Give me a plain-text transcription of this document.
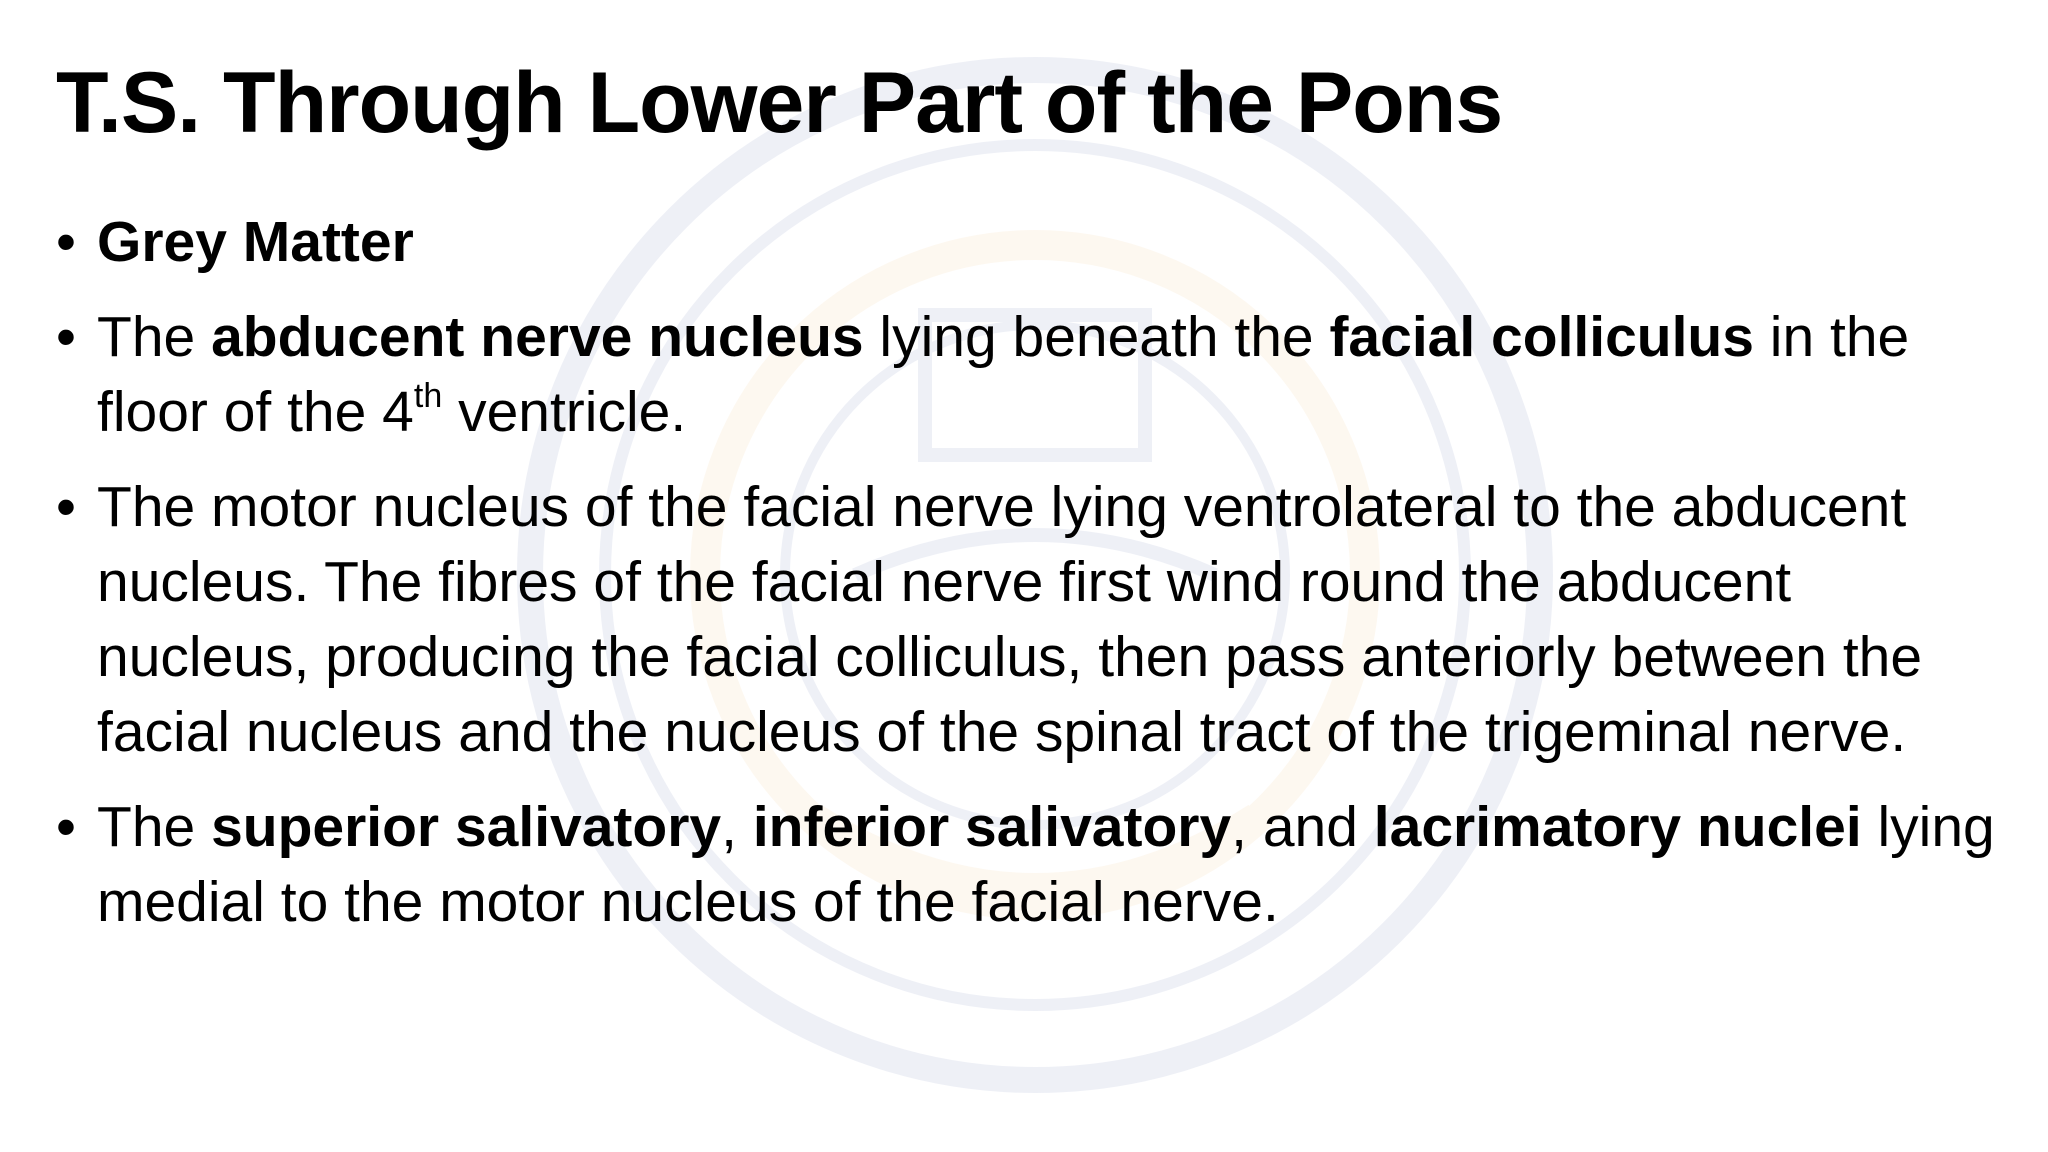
T.S. Through Lower Part of the Pons
• Grey Matter
• The abducent nerve nucleus lying beneath the facial colliculus in the floor of the 4th ventricle.
• The motor nucleus of the facial nerve lying ventrolateral to the abducent nucleus. The fibres of the facial nerve first wind round the abducent nucleus, producing the facial colliculus, then pass anteriorly between the facial nucleus and the nucleus of the spinal tract of the trigeminal nerve.
• The superior salivatory, inferior salivatory, and lacrimatory nuclei lying medial to the motor nucleus of the facial nerve.
